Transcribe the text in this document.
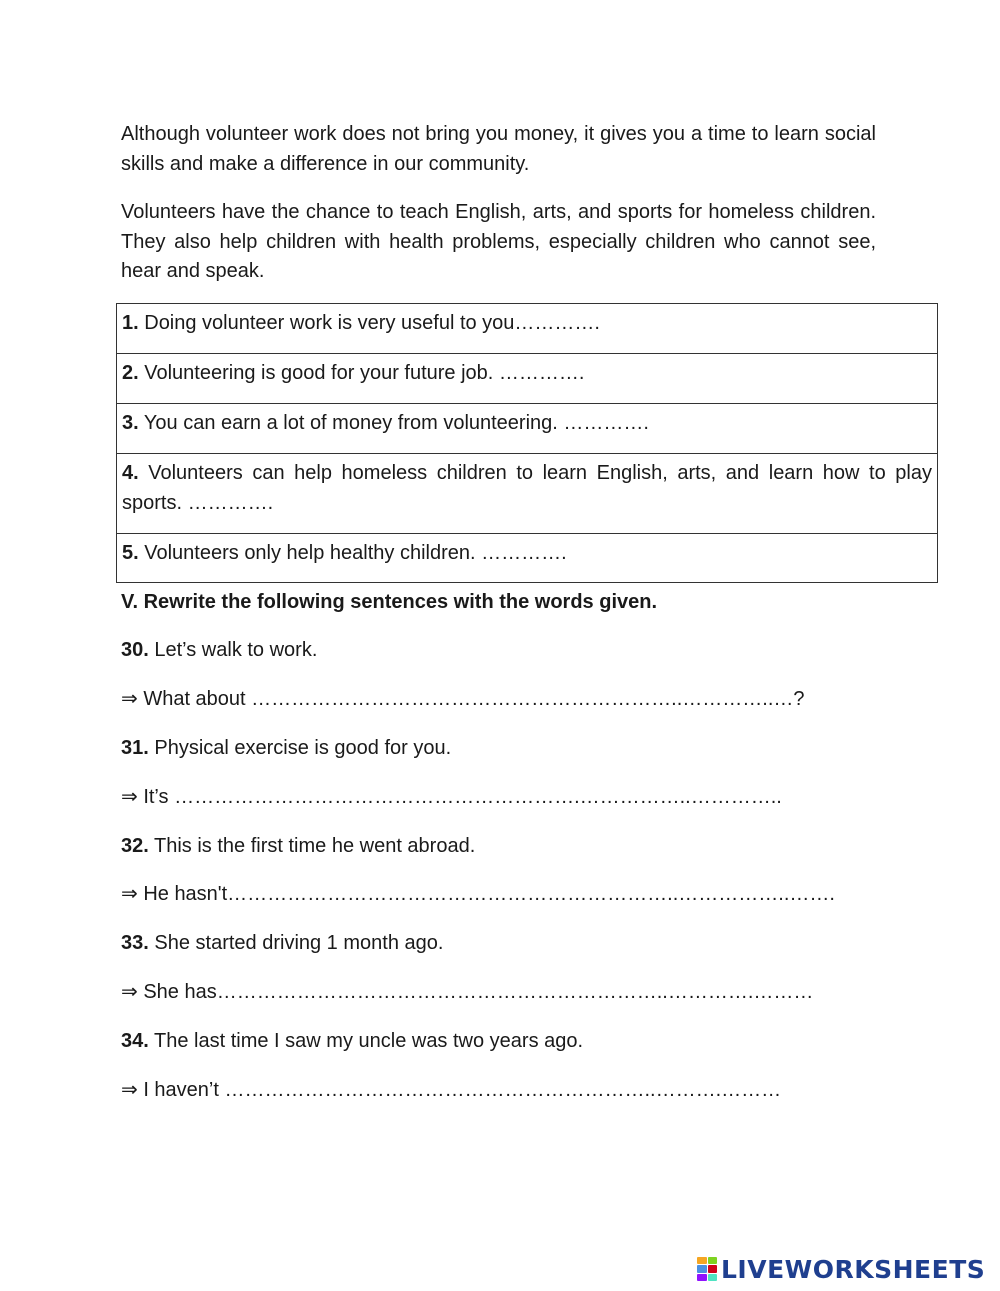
Although volunteer work does not bring you money, it gives you a time to learn social skills and make a difference in our community.

Volunteers have the chance to teach English, arts, and sports for homeless children. They also help children with health problems, especially children who cannot see, hear and speak.

1. Doing volunteer work is very useful to you………….
2. Volunteering is good for your future job. ………….
3. You can earn a lot of money from volunteering. ………….
4. Volunteers can help homeless children to learn English, arts, and learn how to play sports. ………….
5. Volunteers only help healthy children. ………….

V. Rewrite the following sentences with the words given.

30. Let’s walk to work.

⇒ What about ………………………………………………………..…………..…?

31. Physical exercise is good for you.

⇒ It’s …………………………………………………….……………..…………..

32. This is the first time he went abroad.

⇒ He hasn't…………………………………………………………..……………..…….

33. She started driving 1 month ago.

⇒ She has…………………………………………………………..………….………

34. The last time I saw my uncle was two years ago.

⇒ I haven’t ………………………………………………………..……….………

LIVEWORKSHEETS
